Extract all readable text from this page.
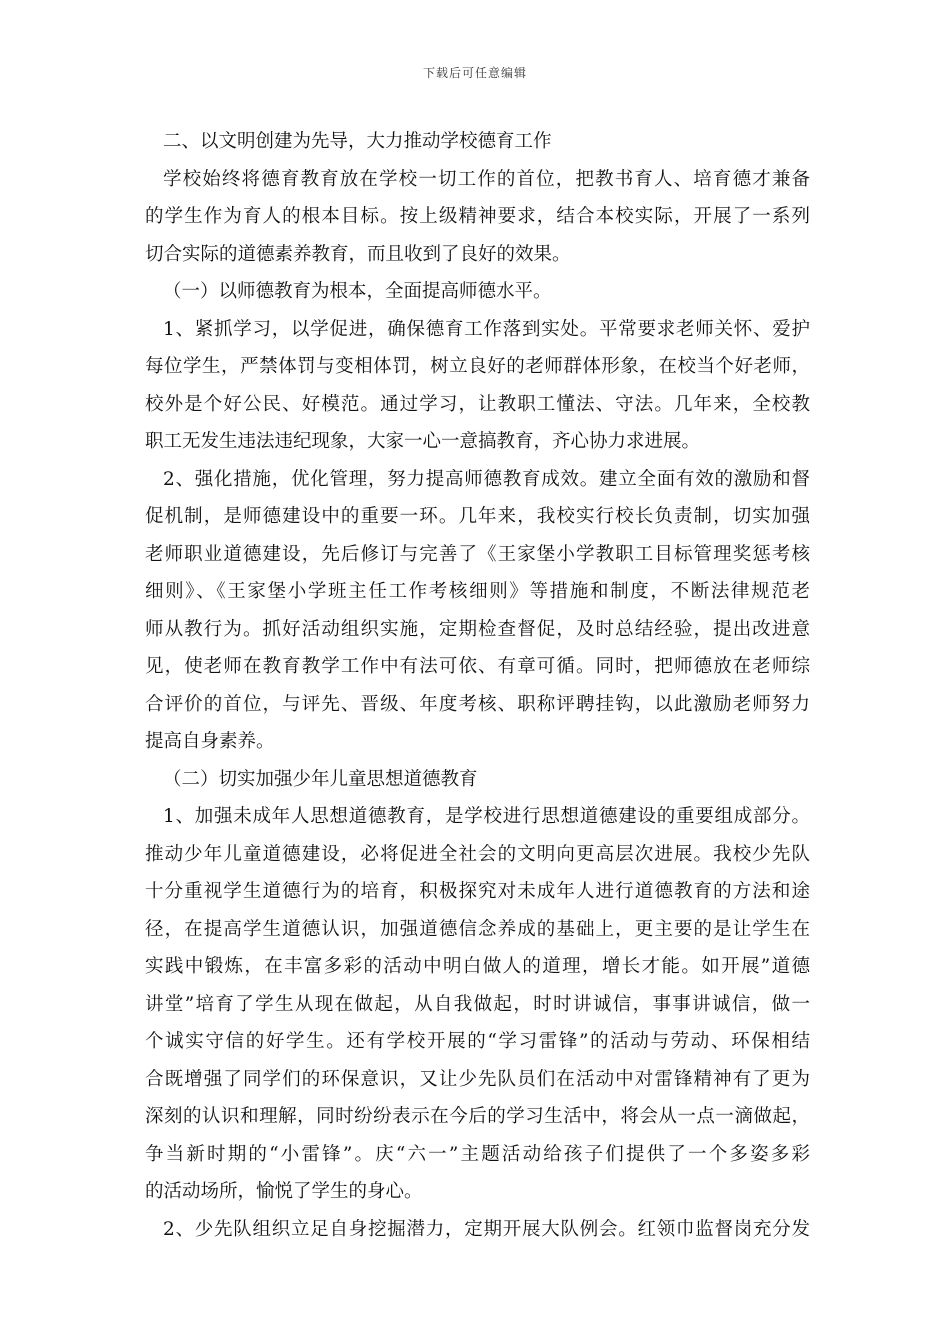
下载后可任意编辑
二、以文明创建为先导，大力推动学校德育工作
学校始终将德育教育放在学校一切工作的首位，把教书育人、培育德才兼备
的学生作为育人的根本目标。按上级精神要求，结合本校实际，开展了一系列
切合实际的道德素养教育，而且收到了良好的效果。
（一）以师德教育为根本，全面提高师德水平。
1、紧抓学习，以学促进，确保德育工作落到实处。平常要求老师关怀、爱护
每位学生，严禁体罚与变相体罚，树立良好的老师群体形象，在校当个好老师，
校外是个好公民、好模范。通过学习，让教职工懂法、守法。几年来，全校教
职工无发生违法违纪现象，大家一心一意搞教育，齐心协力求进展。
2、强化措施，优化管理，努力提高师德教育成效。建立全面有效的激励和督
促机制，是师德建设中的重要一环。几年来，我校实行校长负责制，切实加强
老师职业道德建设，先后修订与完善了《王家堡小学教职工目标管理奖惩考核
细则》、《王家堡小学班主任工作考核细则》等措施和制度，不断法律规范老
师从教行为。抓好活动组织实施，定期检查督促，及时总结经验，提出改进意
见，使老师在教育教学工作中有法可依、有章可循。同时，把师德放在老师综
合评价的首位，与评先、晋级、年度考核、职称评聘挂钩，以此激励老师努力
提高自身素养。
（二）切实加强少年儿童思想道德教育
1、加强未成年人思想道德教育，是学校进行思想道德建设的重要组成部分。
推动少年儿童道德建设，必将促进全社会的文明向更高层次进展。我校少先队
十分重视学生道德行为的培育，积极探究对未成年人进行道德教育的方法和途
径，在提高学生道德认识，加强道德信念养成的基础上，更主要的是让学生在
实践中锻炼，在丰富多彩的活动中明白做人的道理，增长才能。如开展”道德
讲堂”培育了学生从现在做起，从自我做起，时时讲诚信，事事讲诚信，做一
个诚实守信的好学生。还有学校开展的“学习雷锋”的活动与劳动、环保相结
合既增强了同学们的环保意识，又让少先队员们在活动中对雷锋精神有了更为
深刻的认识和理解，同时纷纷表示在今后的学习生活中，将会从一点一滴做起，
争当新时期的“小雷锋”。庆“六一”主题活动给孩子们提供了一个多姿多彩
的活动场所，愉悦了学生的身心。
2、少先队组织立足自身挖掘潜力，定期开展大队例会。红领巾监督岗充分发
